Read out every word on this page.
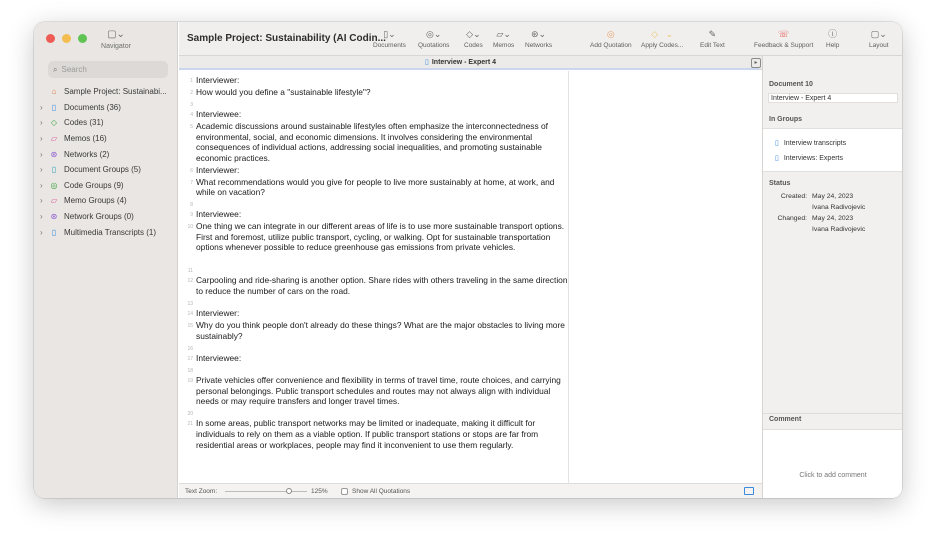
▢⌄
Navigator
⌕ Search
⌂ Sample Project: Sustainabi...
›	▯ Documents (36)
›	◇ Codes (31)
›	▱ Memos (16)
› ⊛ Networks (2)
›	▯ Document Groups (5)
› ◎ Code Groups (9)
›	▱ Memo Groups (4)
› ⊛ Network Groups (0)
›	▯ Multimedia Transcripts (1)
Sample Project: Sustainability (AI Codin...
▯⌄
Documents
◎⌄
Quotations
◇⌄
Codes
▱⌄
Memos
⊛⌄
Networks
◎
Add Quotation
◇   ⌄
Apply Codes...
✎
Edit Text
☏
Feedback & Support
ⓘ
Help
▢⌄
Layout
▯ Interview - Expert 4	▸
1 Interviewer:
2 How would you define a "sustainable lifestyle"?
3
4 Interviewee:
5 Academic discussions around sustainable lifestyles often emphasize the interconnectedness of environmental, social, and economic dimensions. It involves considering the environmental consequences of individual actions, addressing social inequalities, and promoting sustainable economic practices.
6 Interviewer:
7 What recommendations would you give for people to live more sustainably at home, at work, and while on vacation?
8
9 Interviewee:
10 One thing we can integrate in our different areas of life is to use more sustainable transport options. First and foremost, utilize public transport, cycling, or walking. Opt for sustainable transportation options whenever possible to reduce greenhouse gas emissions from private vehicles.
11
12 Carpooling and ride-sharing is another option. Share rides with others traveling in the same direction to reduce the number of cars on the road.
13
14 Interviewer:
15 Why do you think people don't already do these things? What are the major obstacles to living more sustainably?
16
17 Interviewee:
18
19 Private vehicles offer convenience and flexibility in terms of travel time, route choices, and carrying personal belongings. Public transport schedules and routes may not always align with individual needs or may require transfers and longer travel times.
20
21 In some areas, public transport networks may be limited or inadequate, making it difficult for individuals to rely on them as a viable option. If public transport stations or stops are far from residential areas or workplaces, people may find it inconvenient to use them regularly.
Text Zoom:	125%	Show All Quotations
Document 10
Interview - Expert 4
In Groups
▯ Interview transcripts
▯ Interviews: Experts
Status
Created: May 24, 2023
Ivana Radivojevic
Changed: May 24, 2023
Ivana Radivojevic
Comment
Click to add comment
